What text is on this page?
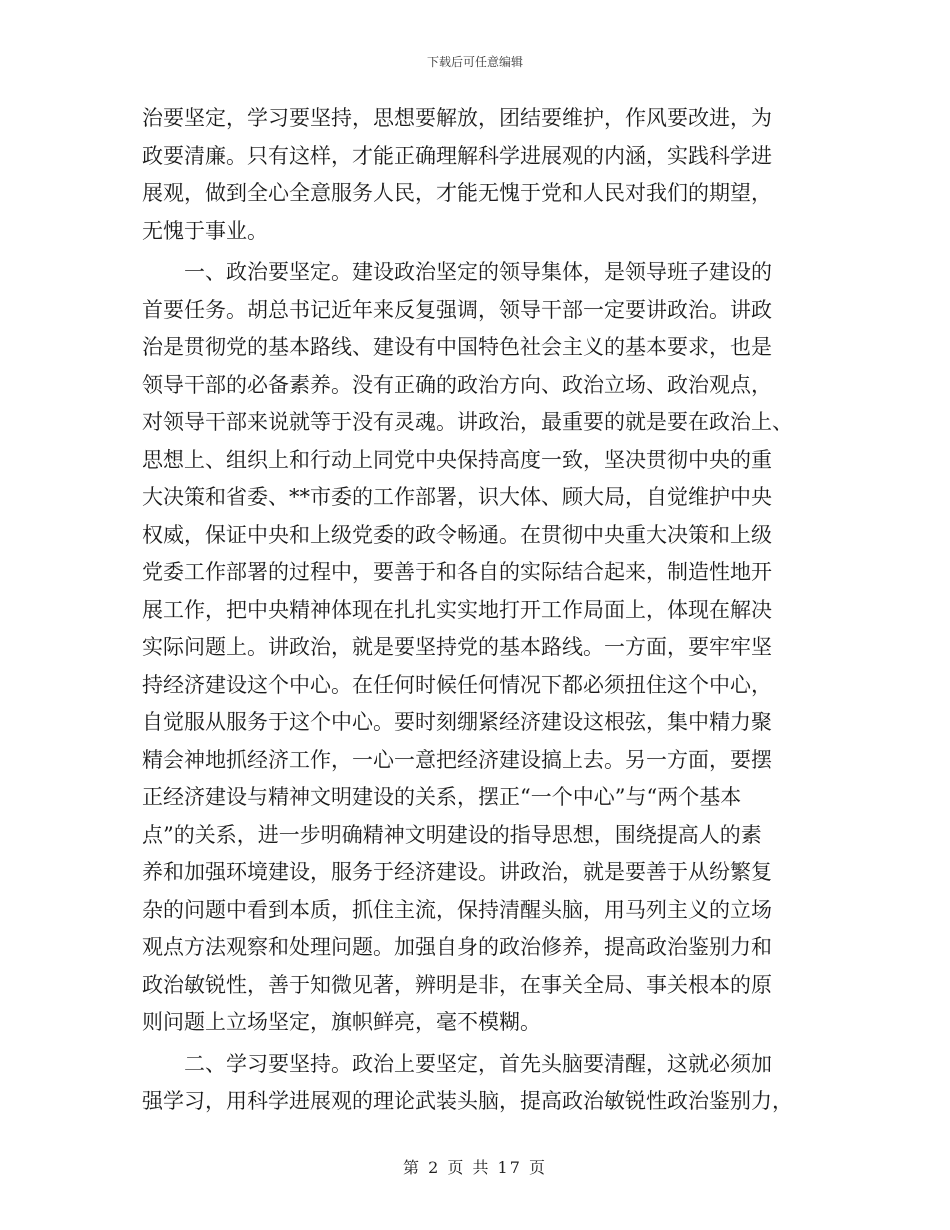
下载后可任意编辑

治要坚定，学习要坚持，思想要解放，团结要维护，作风要改进，为
政要清廉。只有这样，才能正确理解科学进展观的内涵，实践科学进
展观，做到全心全意服务人民，才能无愧于党和人民对我们的期望，
无愧于事业。

　　一、政治要坚定。建设政治坚定的领导集体，是领导班子建设的
首要任务。胡总书记近年来反复强调，领导干部一定要讲政治。讲政
治是贯彻党的基本路线、建设有中国特色社会主义的基本要求，也是
领导干部的必备素养。没有正确的政治方向、政治立场、政治观点，
对领导干部来说就等于没有灵魂。讲政治，最重要的就是要在政治上、
思想上、组织上和行动上同党中央保持高度一致，坚决贯彻中央的重
大决策和省委、**市委的工作部署，识大体、顾大局，自觉维护中央
权威，保证中央和上级党委的政令畅通。在贯彻中央重大决策和上级
党委工作部署的过程中，要善于和各自的实际结合起来，制造性地开
展工作，把中央精神体现在扎扎实实地打开工作局面上，体现在解决
实际问题上。讲政治，就是要坚持党的基本路线。一方面，要牢牢坚
持经济建设这个中心。在任何时候任何情况下都必须扭住这个中心，
自觉服从服务于这个中心。要时刻绷紧经济建设这根弦，集中精力聚
精会神地抓经济工作，一心一意把经济建设搞上去。另一方面，要摆
正经济建设与精神文明建设的关系，摆正“一个中心”与“两个基本
点”的关系，进一步明确精神文明建设的指导思想，围绕提高人的素
养和加强环境建设，服务于经济建设。讲政治，就是要善于从纷繁复
杂的问题中看到本质，抓住主流，保持清醒头脑，用马列主义的立场
观点方法观察和处理问题。加强自身的政治修养，提高政治鉴别力和
政治敏锐性，善于知微见著，辨明是非，在事关全局、事关根本的原
则问题上立场坚定，旗帜鲜亮，毫不模糊。

　　二、学习要坚持。政治上要坚定，首先头脑要清醒，这就必须加
强学习，用科学进展观的理论武装头脑，提高政治敏锐性政治鉴别力，

第 2 页 共 17 页
